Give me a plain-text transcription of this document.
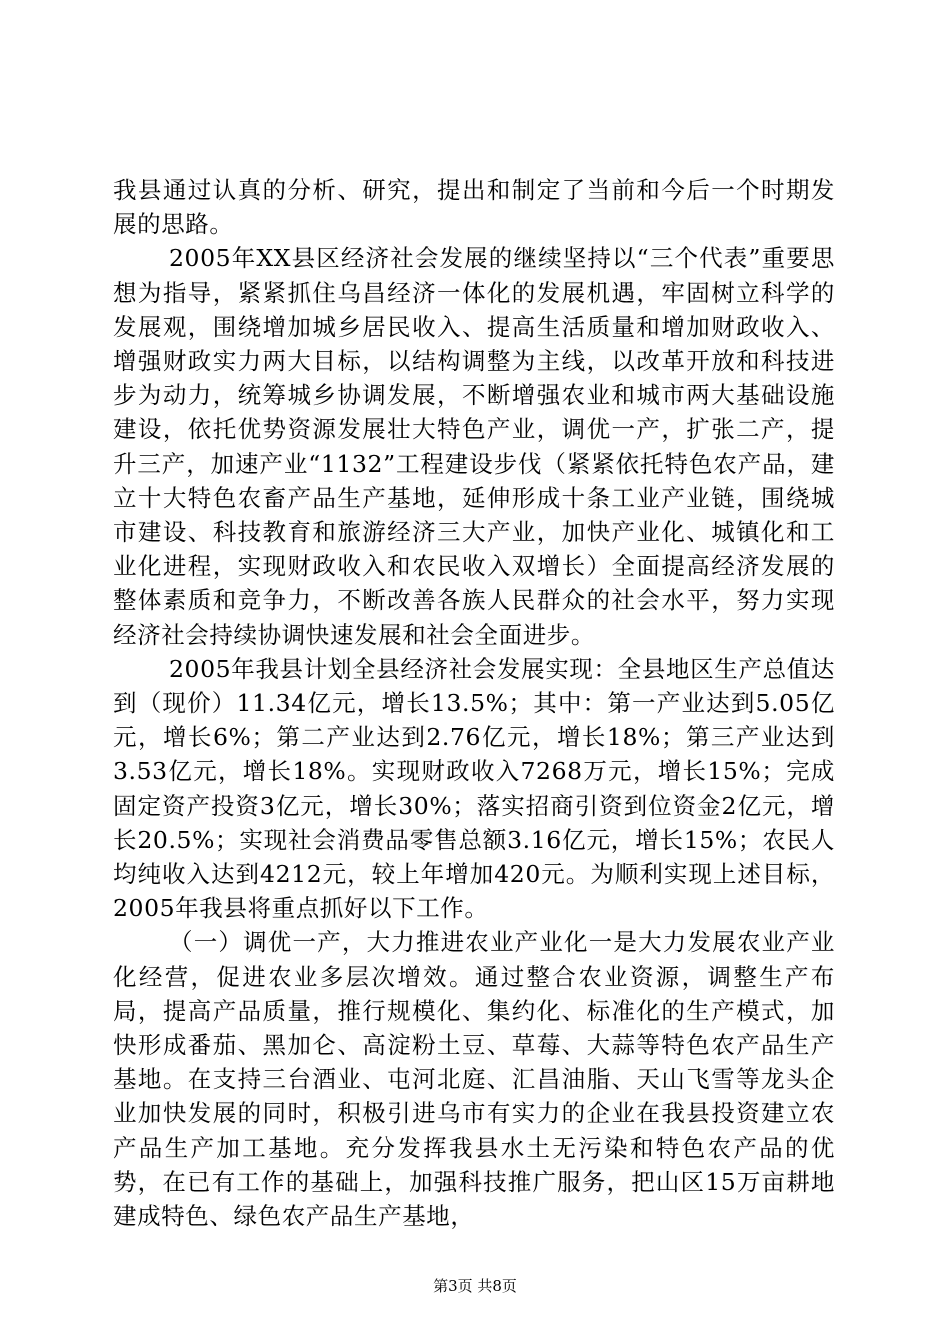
我县通过认真的分析、研究，提出和制定了当前和今后一个时期发展的思路。

2005年XX县区经济社会发展的继续坚持以“三个代表”重要思想为指导，紧紧抓住乌昌经济一体化的发展机遇，牢固树立科学的发展观，围绕增加城乡居民收入、提高生活质量和增加财政收入、增强财政实力两大目标，以结构调整为主线，以改革开放和科技进步为动力，统筹城乡协调发展，不断增强农业和城市两大基础设施建设，依托优势资源发展壮大特色产业，调优一产，扩张二产，提升三产，加速产业“1132”工程建设步伐（紧紧依托特色农产品，建立十大特色农畜产品生产基地，延伸形成十条工业产业链，围绕城市建设、科技教育和旅游经济三大产业，加快产业化、城镇化和工业化进程，实现财政收入和农民收入双增长）全面提高经济发展的整体素质和竞争力，不断改善各族人民群众的社会水平，努力实现经济社会持续协调快速发展和社会全面进步。

2005年我县计划全县经济社会发展实现：全县地区生产总值达到（现价）11.34亿元，增长13.5%；其中：第一产业达到5.05亿元，增长6%；第二产业达到2.76亿元，增长18%；第三产业达到3.53亿元，增长18%。实现财政收入7268万元，增长15%；完成固定资产投资3亿元，增长30%；落实招商引资到位资金2亿元，增长20.5%；实现社会消费品零售总额3.16亿元，增长15%；农民人均纯收入达到4212元，较上年增加420元。为顺利实现上述目标，2005年我县将重点抓好以下工作。

（一）调优一产，大力推进农业产业化一是大力发展农业产业化经营，促进农业多层次增效。通过整合农业资源，调整生产布局，提高产品质量，推行规模化、集约化、标准化的生产模式，加快形成番茄、黑加仑、高淀粉土豆、草莓、大蒜等特色农产品生产基地。在支持三台酒业、屯河北庭、汇昌油脂、天山飞雪等龙头企业加快发展的同时，积极引进乌市有实力的企业在我县投资建立农产品生产加工基地。充分发挥我县水土无污染和特色农产品的优势，在已有工作的基础上，加强科技推广服务，把山区15万亩耕地建成特色、绿色农产品生产基地，

第3页 共8页
